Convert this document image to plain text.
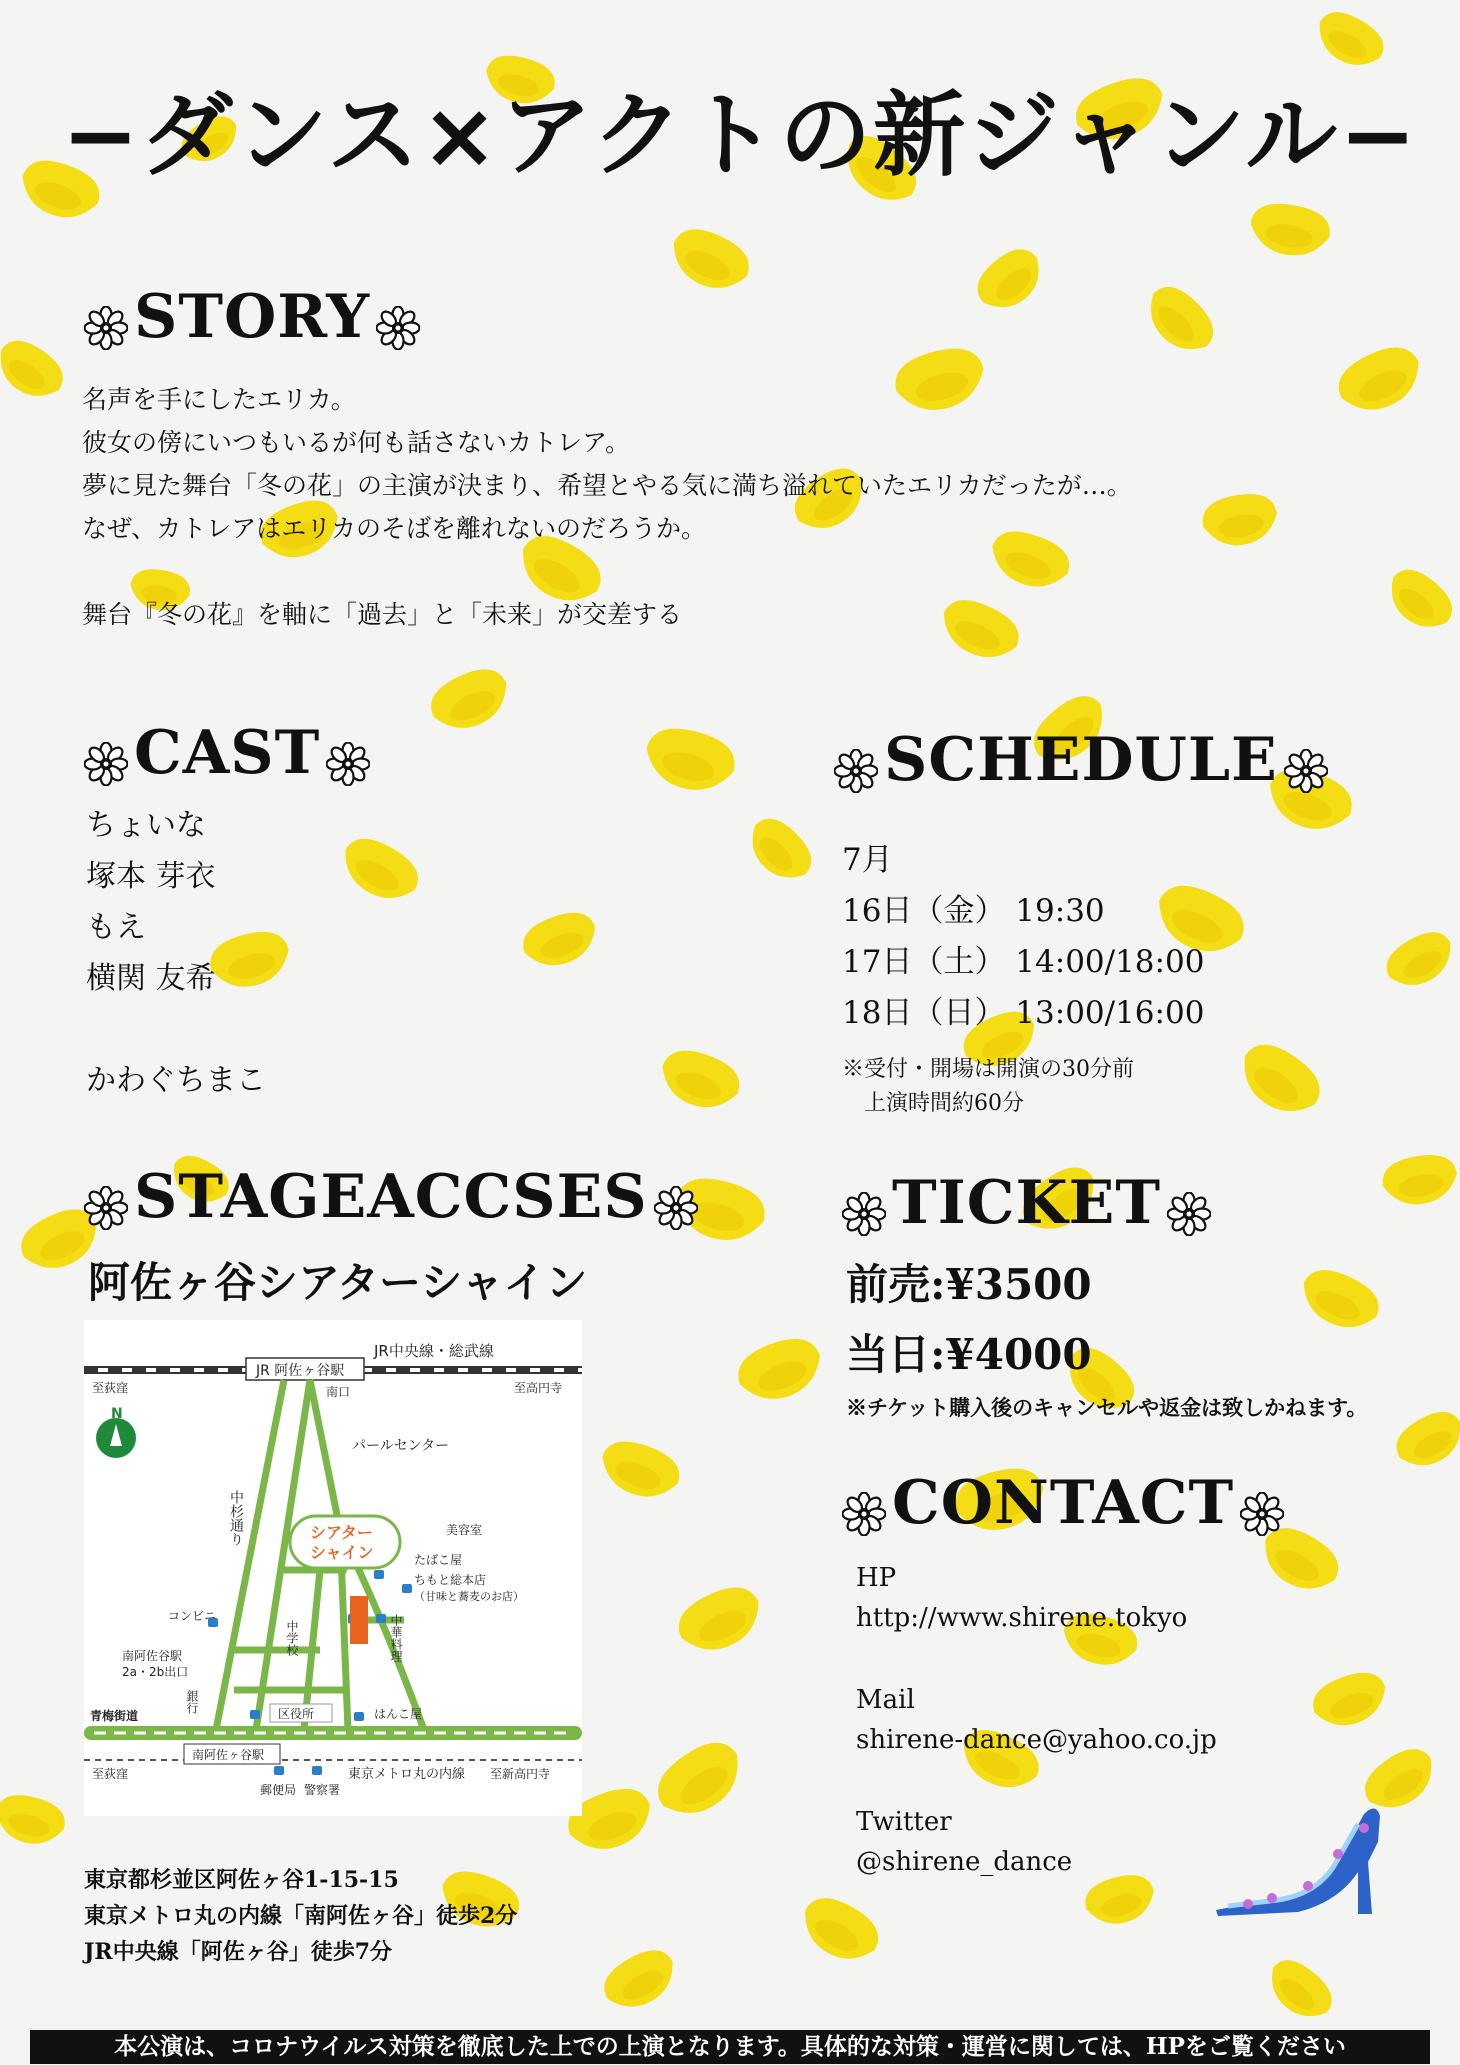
−ダンス×アクトの新ジャンル−
STORY

名声を手にしたエリカ。

彼女の傍にいつもいるが何も話さないカトレア。

夢に見た舞台「冬の花」の主演が決まり、希望とやる気に満ち溢れていたエリカだったが…。

なぜ、カトレアはエリカのそばを離れないのだろうか。

舞台『冬の花』を軸に「過去」と「未来」が交差する

CAST
ちょいな
塚本 芽衣
もえ
横関 友希
かわぐちまこ
SCHEDULE
7月
16日（金） 19:30
17日（土） 14:00/18:00
18日（日） 13:00/16:00
※受付・開場は開演の30分前
上演時間約60分
STAGEACCSES
阿佐ヶ谷シアターシャイン
JR中央線・総武線
JR 阿佐ヶ谷駅
至荻窪	至高円寺
南口
N
シアター
シャイン
パールセンター
中杉通り	美容室
たばこ屋
ちもと総本店
（甘味と蕎麦のお店）
コンビニ
中学校	中華料理
南阿佐谷駅
2a・2b出口
銀行	区役所	はんこ屋
青梅街道
南阿佐ヶ谷駅
至荻窪	至新高円寺
郵便局 警察署
東京メトロ丸の内線
東京都杉並区阿佐ヶ谷1-15-15
東京メトロ丸の内線「南阿佐ヶ谷」徒歩2分
JR中央線「阿佐ヶ谷」徒歩7分
TICKET
前売:¥3500
当日:¥4000
※チケット購入後のキャンセルや返金は致しかねます。
CONTACT
HP
http://www.shirene.tokyo
Mail
shirene-dance@yahoo.co.jp
Twitter
@shirene_dance
本公演は、コロナウイルス対策を徹底した上での上演となります。具体的な対策・運営に関しては、HPをご覧ください
